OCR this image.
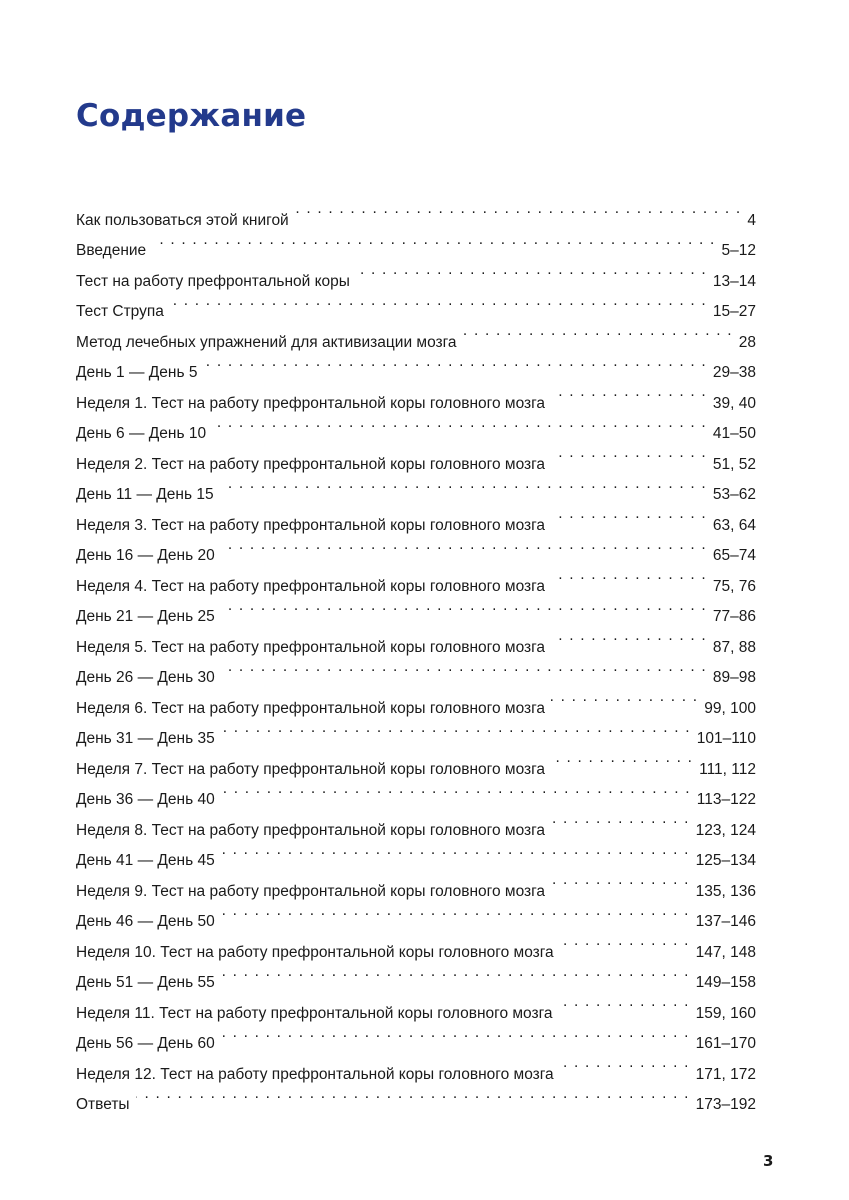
Содержание
Как пользоваться этой книгой . . .	4
Введение . . .	5–12
Тест на работу префронтальной коры . . .	13–14
Тест Струпа . . .	15–27
Метод лечебных упражнений для активизации мозга . . .	28
День 1 — День 5 . . .	29–38
Неделя 1. Тест на работу префронтальной коры головного мозга . . .	39, 40
День 6 — День 10 . . .	41–50
Неделя 2. Тест на работу префронтальной коры головного мозга . . .	51, 52
День 11 — День 15 . . .	53–62
Неделя 3. Тест на работу префронтальной коры головного мозга . . .	63, 64
День 16 — День 20 . . .	65–74
Неделя 4. Тест на работу префронтальной коры головного мозга . . .	75, 76
День 21 — День 25 . . .	77–86
Неделя 5. Тест на работу префронтальной коры головного мозга . . .	87, 88
День 26 — День 30 . . .	89–98
Неделя 6. Тест на работу префронтальной коры головного мозга . . .	99, 100
День 31 — День 35 . . .	101–110
Неделя 7. Тест на работу префронтальной коры головного мозга . . .	111, 112
День 36 — День 40 . . .	113–122
Неделя 8. Тест на работу префронтальной коры головного мозга . . .	123, 124
День 41 — День 45 . . .	125–134
Неделя 9. Тест на работу префронтальной коры головного мозга . . .	135, 136
День 46 — День 50 . . .	137–146
Неделя 10. Тест на работу префронтальной коры головного мозга . . .	147, 148
День 51 — День 55 . . .	149–158
Неделя 11. Тест на работу префронтальной коры головного мозга . . .	159, 160
День 56 — День 60 . . .	161–170
Неделя 12. Тест на работу префронтальной коры головного мозга . . .	171, 172
Ответы . . .	173–192
3
